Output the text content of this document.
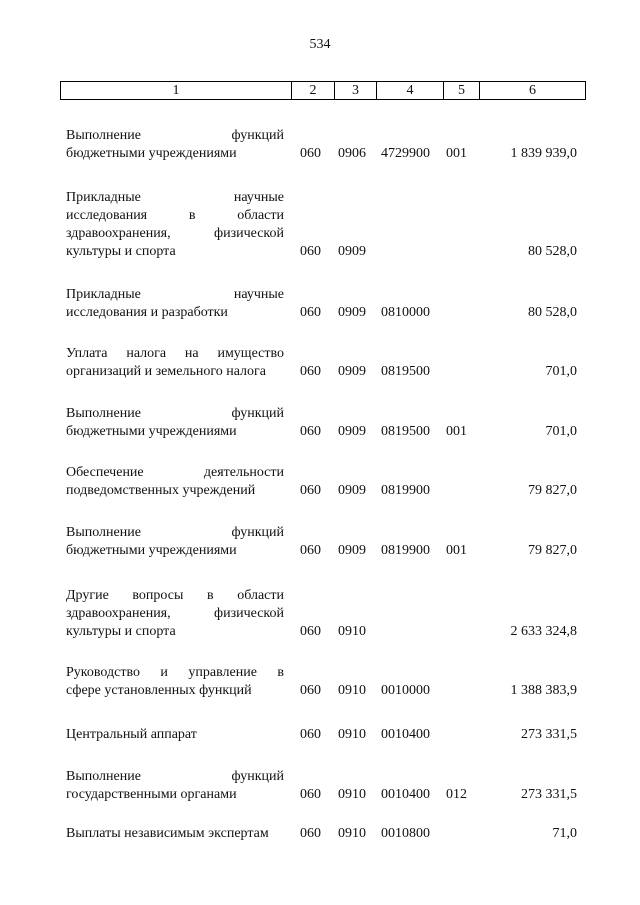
534
1	2	3	4	5	6
Выполнение функций
бюджетными учреждениями	060 0906 4729900 001	1 839 939,0
Прикладные научные
исследования в области
здравоохранения, физической
культуры и спорта	060 0909	80 528,0
Прикладные научные
исследования и разработки	060 0909 0810000	80 528,0
Уплата налога на имущество
организаций и земельного налога	060 0909 0819500	701,0
Выполнение функций
бюджетными учреждениями	060 0909 0819500 001	701,0
Обеспечение деятельности
подведомственных учреждений	060 0909 0819900	79 827,0
Выполнение функций
бюджетными учреждениями	060 0909 0819900 001	79 827,0
Другие вопросы в области
здравоохранения, физической
культуры и спорта	060 0910	2 633 324,8
Руководство и управление в
сфере установленных функций	060 0910 0010000	1 388 383,9
Центральный аппарат	060 0910 0010400	273 331,5
Выполнение функций
государственными органами	060 0910 0010400 012	273 331,5
Выплаты независимым экспертам	060 0910 0010800	71,0
